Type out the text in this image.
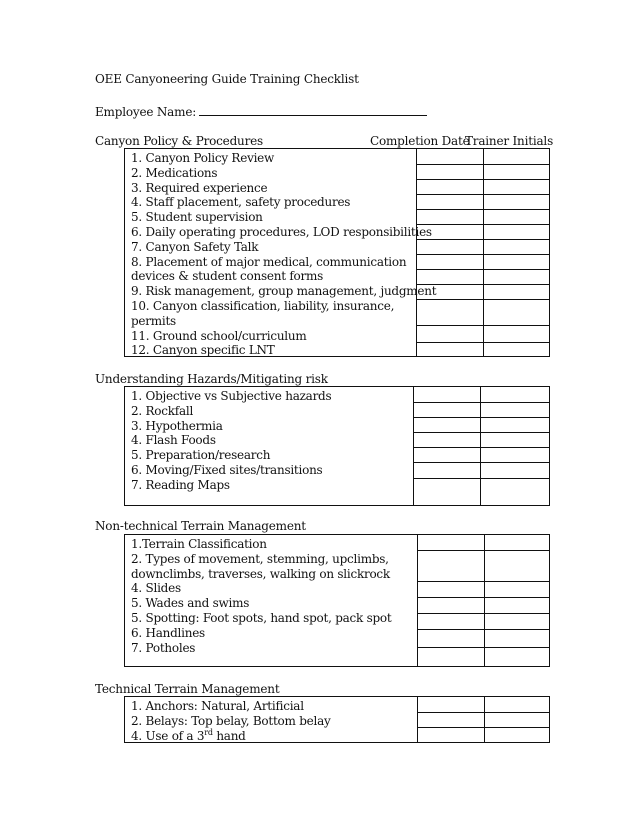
OEE Canyoneering Guide Training Checklist
Employee Name:
Canyon Policy & Procedures	Completion Date
Trainer Initials
1. Canyon Policy Review
2. Medications
3. Required experience
4. Staff placement, safety procedures
5. Student supervision
6. Daily operating procedures, LOD responsibilities
7. Canyon Safety Talk
8. Placement of major medical, communication
devices & student consent forms
9. Risk management, group management, judgment
10. Canyon classification, liability, insurance,
permits
11. Ground school/curriculum
12. Canyon specific LNT
Understanding Hazards/Mitigating risk
1. Objective vs Subjective hazards
2. Rockfall
3. Hypothermia
4. Flash Foods
5. Preparation/research
6. Moving/Fixed sites/transitions
7. Reading Maps
Non-technical Terrain Management
1.Terrain Classification
2. Types of movement, stemming, upclimbs,
downclimbs, traverses, walking on slickrock
4. Slides
5. Wades and swims
5. Spotting: Foot spots, hand spot, pack spot
6. Handlines
7. Potholes
Technical Terrain Management
1. Anchors: Natural, Artificial
2. Belays: Top belay, Bottom belay
4. Use of a 3rd hand
